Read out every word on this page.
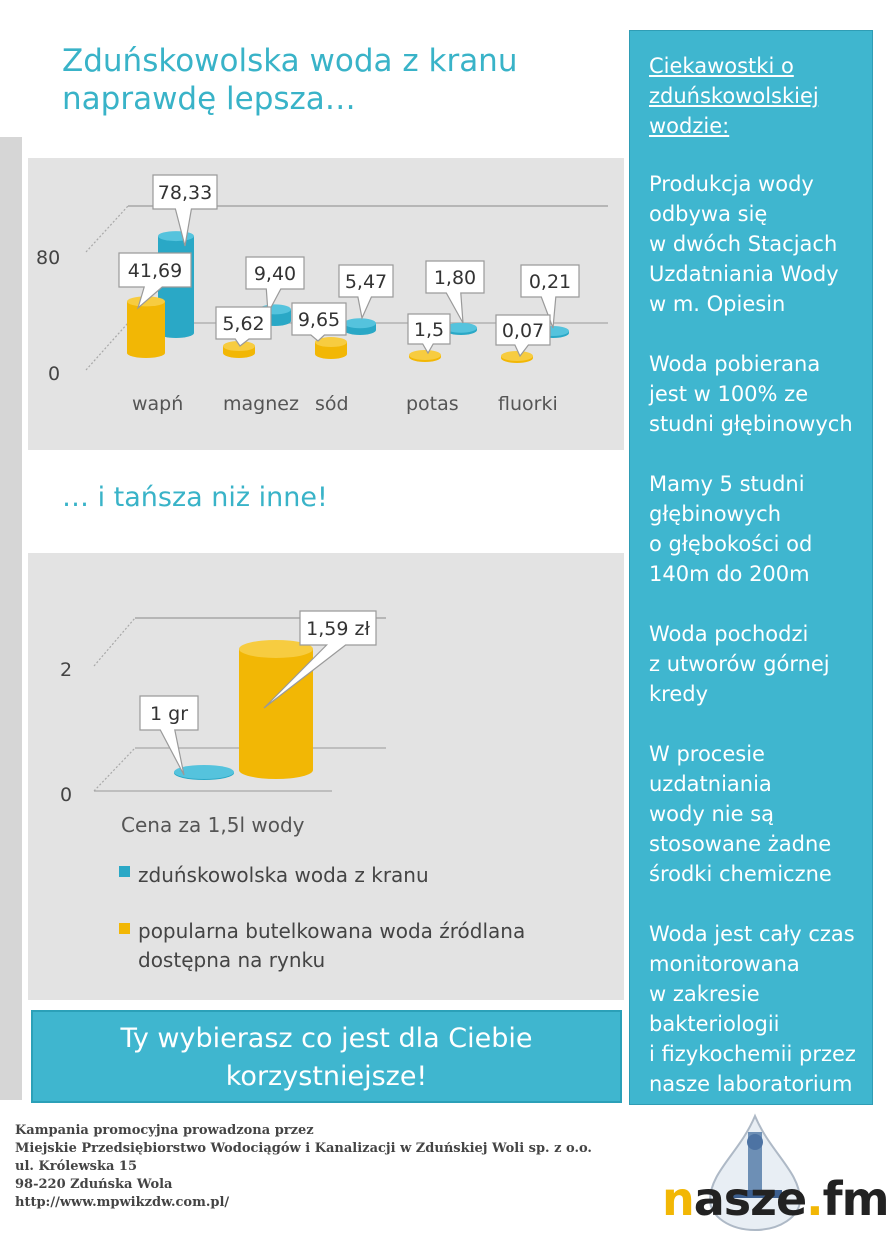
Zduńskowolska woda z kranu
naprawdę lepsza…
80
0
wapń magnez sód	potas fluorki
78,33
9,40	5,47 1,80	0,21
41,69
5,62 9,65	1,5	0,07
… i tańsza niż inne!
2
0
1 gr
1,59 zł
Cena za 1,5l wody
zduńskowolska woda z kranu
popularna butelkowana woda źródlana
dostępna na rynku
Ciekawostki o zduńskowolskiej wodzie:
Produkcja wody
odbywa się
w dwóch Stacjach
Uzdatniania Wody
w m. Opiesin
Woda pobierana
jest w 100% ze
studni głębinowych
Mamy 5 studni
głębinowych
o głębokości od
140m do 200m
Woda pochodzi
z utworów górnej
kredy
W procesie
uzdatniania
wody nie są
stosowane żadne
środki chemiczne
Woda jest cały czas
monitorowana
w zakresie
bakteriologii
i fizykochemii przez
nasze laboratorium
Ty wybierasz co jest dla Ciebie
korzystniejsze!
Kampania promocyjna prowadzona przez
Miejskie Przedsiębiorstwo Wodociągów i Kanalizacji w Zduńskiej Woli sp. z o.o.
ul. Królewska 15
98-220 Zduńska Wola
http://www.mpwikzdw.com.pl/	nasze.fm
